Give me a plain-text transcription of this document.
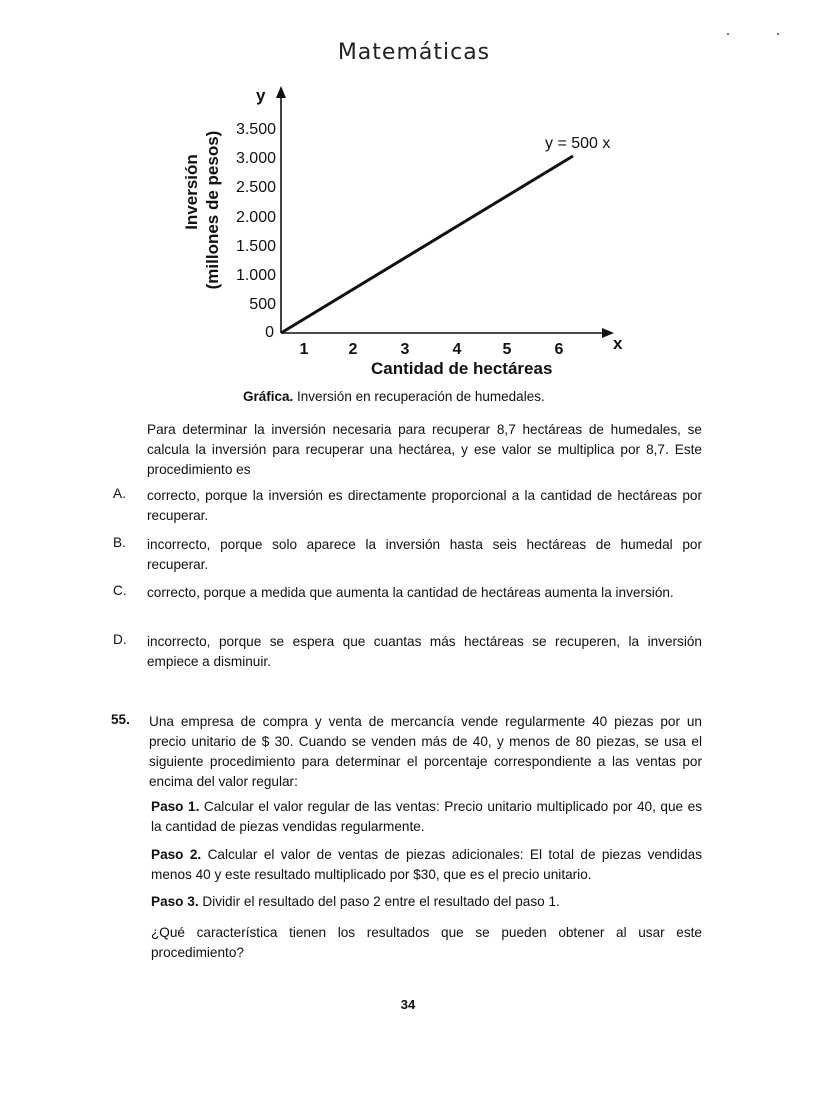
Matemáticas
y
x
0
500
1.000
1.500
2.000
2.500
3.000
3.500
1	2	3	4	5	6
Cantidad de hectáreas
Inversión (millones de pesos)	y = 500 x
Gráfica. Inversión en recuperación de humedales.
Para determinar la inversión necesaria para recuperar 8,7 hectáreas de humedales, se calcula la inversión para recuperar una hectárea, y ese valor se multiplica por 8,7. Este procedimiento es
A. correcto, porque la inversión es directamente proporcional a la cantidad de hectáreas por recuperar.
B. incorrecto, porque solo aparece la inversión hasta seis hectáreas de humedal por recuperar.
C. correcto, porque a medida que aumenta la cantidad de hectáreas aumenta la inversión.
D. incorrecto, porque se espera que cuantas más hectáreas se recuperen, la inversión empiece a disminuir.
55. Una empresa de compra y venta de mercancía vende regularmente 40 piezas por un precio unitario de $ 30. Cuando se venden más de 40, y menos de 80 piezas, se usa el siguiente procedimiento para determinar el porcentaje correspondiente a las ventas por encima del valor regular:
Paso 1. Calcular el valor regular de las ventas: Precio unitario multiplicado por 40, que es la cantidad de piezas vendidas regularmente.
Paso 2. Calcular el valor de ventas de piezas adicionales: El total de piezas vendidas menos 40 y este resultado multiplicado por $30, que es el precio unitario.
Paso 3. Dividir el resultado del paso 2 entre el resultado del paso 1.
¿Qué característica tienen los resultados que se pueden obtener al usar este procedimiento?
34
